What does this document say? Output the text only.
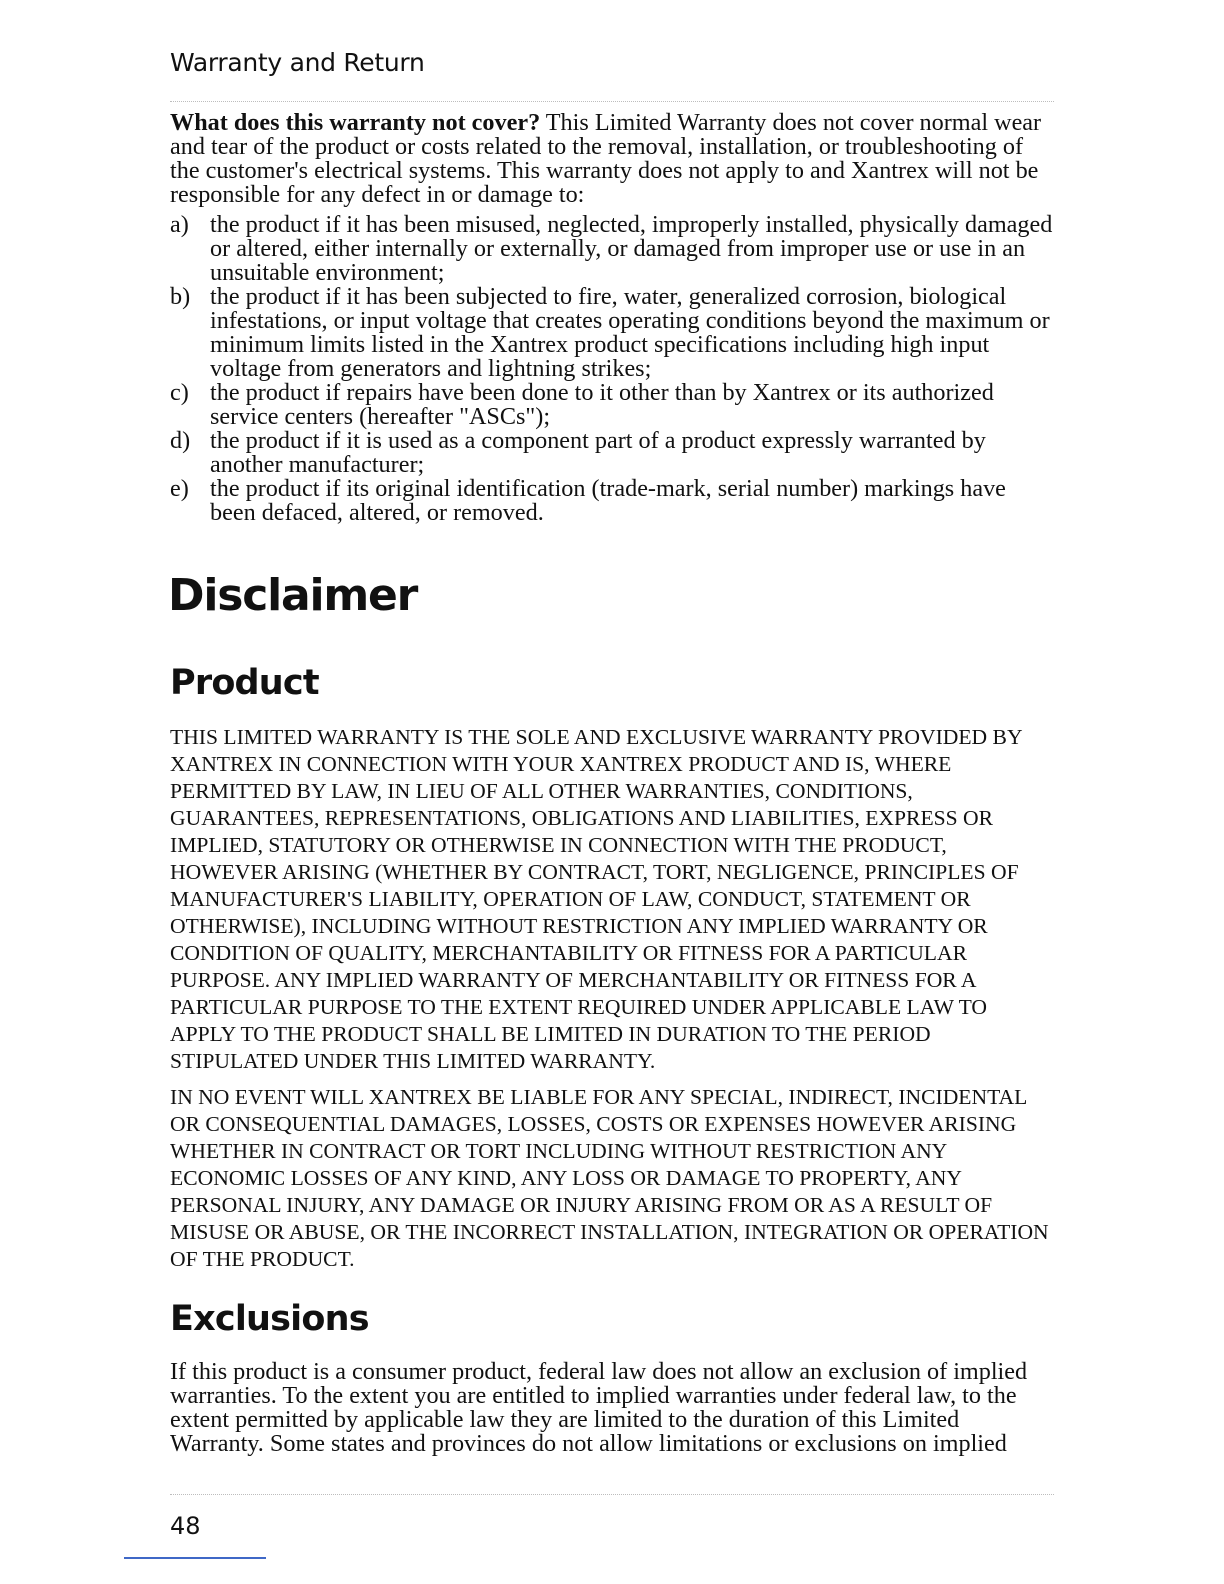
Warranty and Return

What does this warranty not cover? This Limited Warranty does not cover normal wear and tear of the product or costs related to the removal, installation, or troubleshooting of the customer's electrical systems. This warranty does not apply to and Xantrex will not be responsible for any defect in or damage to:

a) the product if it has been misused, neglected, improperly installed, physically damaged or altered, either internally or externally, or damaged from improper use or use in an unsuitable environment;
b) the product if it has been subjected to fire, water, generalized corrosion, biological infestations, or input voltage that creates operating conditions beyond the maximum or minimum limits listed in the Xantrex product specifications including high input voltage from generators and lightning strikes;
c) the product if repairs have been done to it other than by Xantrex or its authorized service centers (hereafter "ASCs");
d) the product if it is used as a component part of a product expressly warranted by another manufacturer;
e) the product if its original identification (trade-mark, serial number) markings have been defaced, altered, or removed.
Disclaimer
Product

THIS LIMITED WARRANTY IS THE SOLE AND EXCLUSIVE WARRANTY PROVIDED BY XANTREX IN CONNECTION WITH YOUR XANTREX PRODUCT AND IS, WHERE PERMITTED BY LAW, IN LIEU OF ALL OTHER WARRANTIES, CONDITIONS, GUARANTEES, REPRESENTATIONS, OBLIGATIONS AND LIABILITIES, EXPRESS OR IMPLIED, STATUTORY OR OTHERWISE IN CONNECTION WITH THE PRODUCT, HOWEVER ARISING (WHETHER BY CONTRACT, TORT, NEGLIGENCE, PRINCIPLES OF MANUFACTURER'S LIABILITY, OPERATION OF LAW, CONDUCT, STATEMENT OR OTHERWISE), INCLUDING WITHOUT RESTRICTION ANY IMPLIED WARRANTY OR CONDITION OF QUALITY, MERCHANTABILITY OR FITNESS FOR A PARTICULAR PURPOSE. ANY IMPLIED WARRANTY OF MERCHANTABILITY OR FITNESS FOR A PARTICULAR PURPOSE TO THE EXTENT REQUIRED UNDER APPLICABLE LAW TO APPLY TO THE PRODUCT SHALL BE LIMITED IN DURATION TO THE PERIOD STIPULATED UNDER THIS LIMITED WARRANTY.

IN NO EVENT WILL XANTREX BE LIABLE FOR ANY SPECIAL, INDIRECT, INCIDENTAL OR CONSEQUENTIAL DAMAGES, LOSSES, COSTS OR EXPENSES HOWEVER ARISING WHETHER IN CONTRACT OR TORT INCLUDING WITHOUT RESTRICTION ANY ECONOMIC LOSSES OF ANY KIND, ANY LOSS OR DAMAGE TO PROPERTY, ANY PERSONAL INJURY, ANY DAMAGE OR INJURY ARISING FROM OR AS A RESULT OF MISUSE OR ABUSE, OR THE INCORRECT INSTALLATION, INTEGRATION OR OPERATION OF THE PRODUCT.

Exclusions

If this product is a consumer product, federal law does not allow an exclusion of implied warranties. To the extent you are entitled to implied warranties under federal law, to the extent permitted by applicable law they are limited to the duration of this Limited Warranty. Some states and provinces do not allow limitations or exclusions on implied

48
